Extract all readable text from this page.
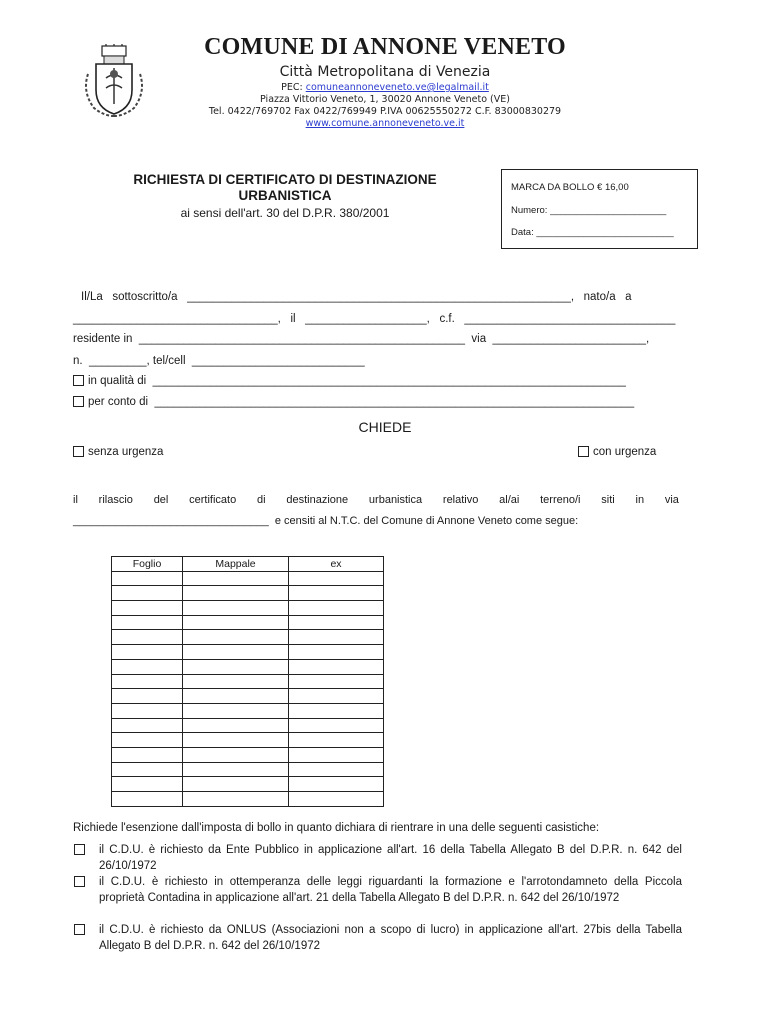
COMUNE DI ANNONE VENETO
Città Metropolitana di Venezia
PEC: comuneannoneveneto.ve@legalmail.it
Piazza Vittorio Veneto, 1, 30020 Annone Veneto (VE)
Tel. 0422/769702 Fax 0422/769949 P.IVA 00625550272 C.F. 83000830279
www.comune.annoneveneto.ve.it
RICHIESTA DI CERTIFICATO DI DESTINAZIONE
URBANISTICA
ai sensi dell'art. 30 del D.P.R. 380/2001
MARCA DA BOLLO € 16,00
Numero: ______________________
Data: __________________________
Il/La   sottoscritto/a   ____________________________________________________________,   nato/a   a
________________________________,   il   ___________________,   c.f.   _________________________________
residente in  ___________________________________________________  via  ________________________,
n.  _________, tel/cell  ___________________________
in qualità di  __________________________________________________________________________
per conto di  ___________________________________________________________________________
CHIEDE
senza urgenza	con urgenza
il rilascio del certificato di destinazione urbanistica relativo al/ai terreno/i siti in via
________________________________  e censiti al N.T.C. del Comune di Annone Veneto come segue:
Foglio	Mappale	ex

Richiede l'esenzione dall'imposta di bollo in quanto dichiara di rientrare in una delle seguenti casistiche:
il C.D.U. è richiesto da Ente Pubblico in applicazione all'art. 16 della Tabella Allegato B del D.P.R. n. 642 del 26/10/1972
il C.D.U. è richiesto in ottemperanza delle leggi riguardanti la formazione e l'arrotondamneto della Piccola proprietà Contadina in applicazione all'art. 21 della Tabella Allegato B del D.P.R. n. 642 del 26/10/1972
il C.D.U. è richiesto da ONLUS (Associazioni non a scopo di lucro) in applicazione all'art. 27bis della Tabella Allegato B del D.P.R. n. 642 del 26/10/1972
